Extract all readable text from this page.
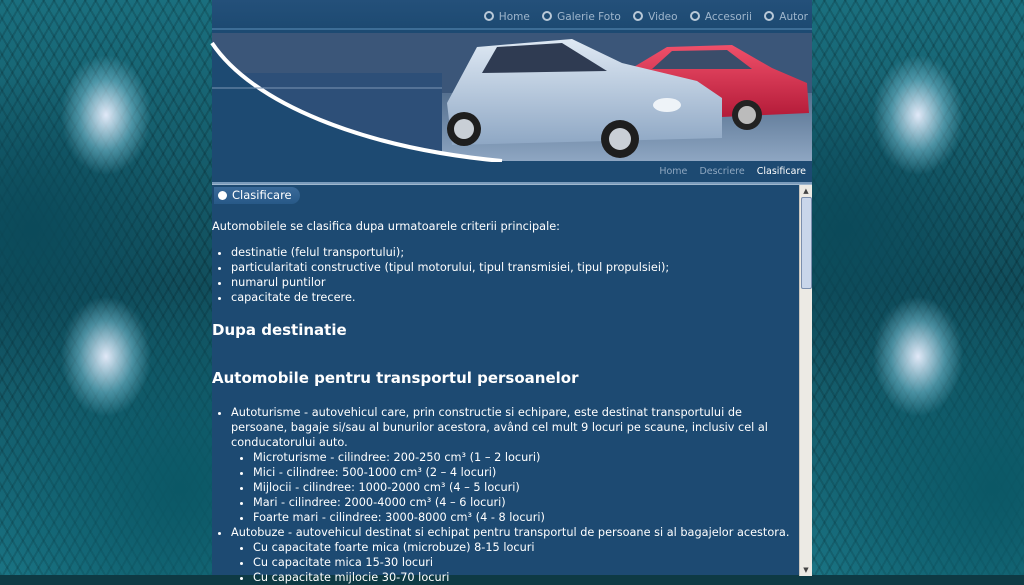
Home	Galerie Foto	Video	Accesorii	Autor
Home Descriere Clasificare
Clasificare

Automobilele se clasifica dupa urmatoarele criterii principale:

• destinatie (felul transportului);
• particularitati constructive (tipul motorului, tipul transmisiei, tipul propulsiei);
• numarul puntilor
• capacitate de trecere.
Dupa destinatie
Automobile pentru transportul persoanelor
• Autoturisme - autovehicul care, prin constructie si echipare, este destinat transportului de persoane, bagaje si/sau al bunurilor acestora, având cel mult 9 locuri pe scaune, inclusiv cel al conducatorului auto.
• Microturisme - cilindree: 200-250 cm³ (1 – 2 locuri)
• Mici - cilindree: 500-1000 cm³ (2 – 4 locuri)
• Mijlocii - cilindree: 1000-2000 cm³ (4 – 5 locuri)
• Mari - cilindree: 2000-4000 cm³ (4 – 6 locuri)
• Foarte mari - cilindree: 3000-8000 cm³ (4 - 8 locuri)
• Autobuze - autovehicul destinat si echipat pentru transportul de persoane si al bagajelor acestora.
• Cu capacitate foarte mica (microbuze) 8-15 locuri
• Cu capacitate mica 15-30 locuri
• Cu capacitate mijlocie 30-70 locuri
▲
▼
